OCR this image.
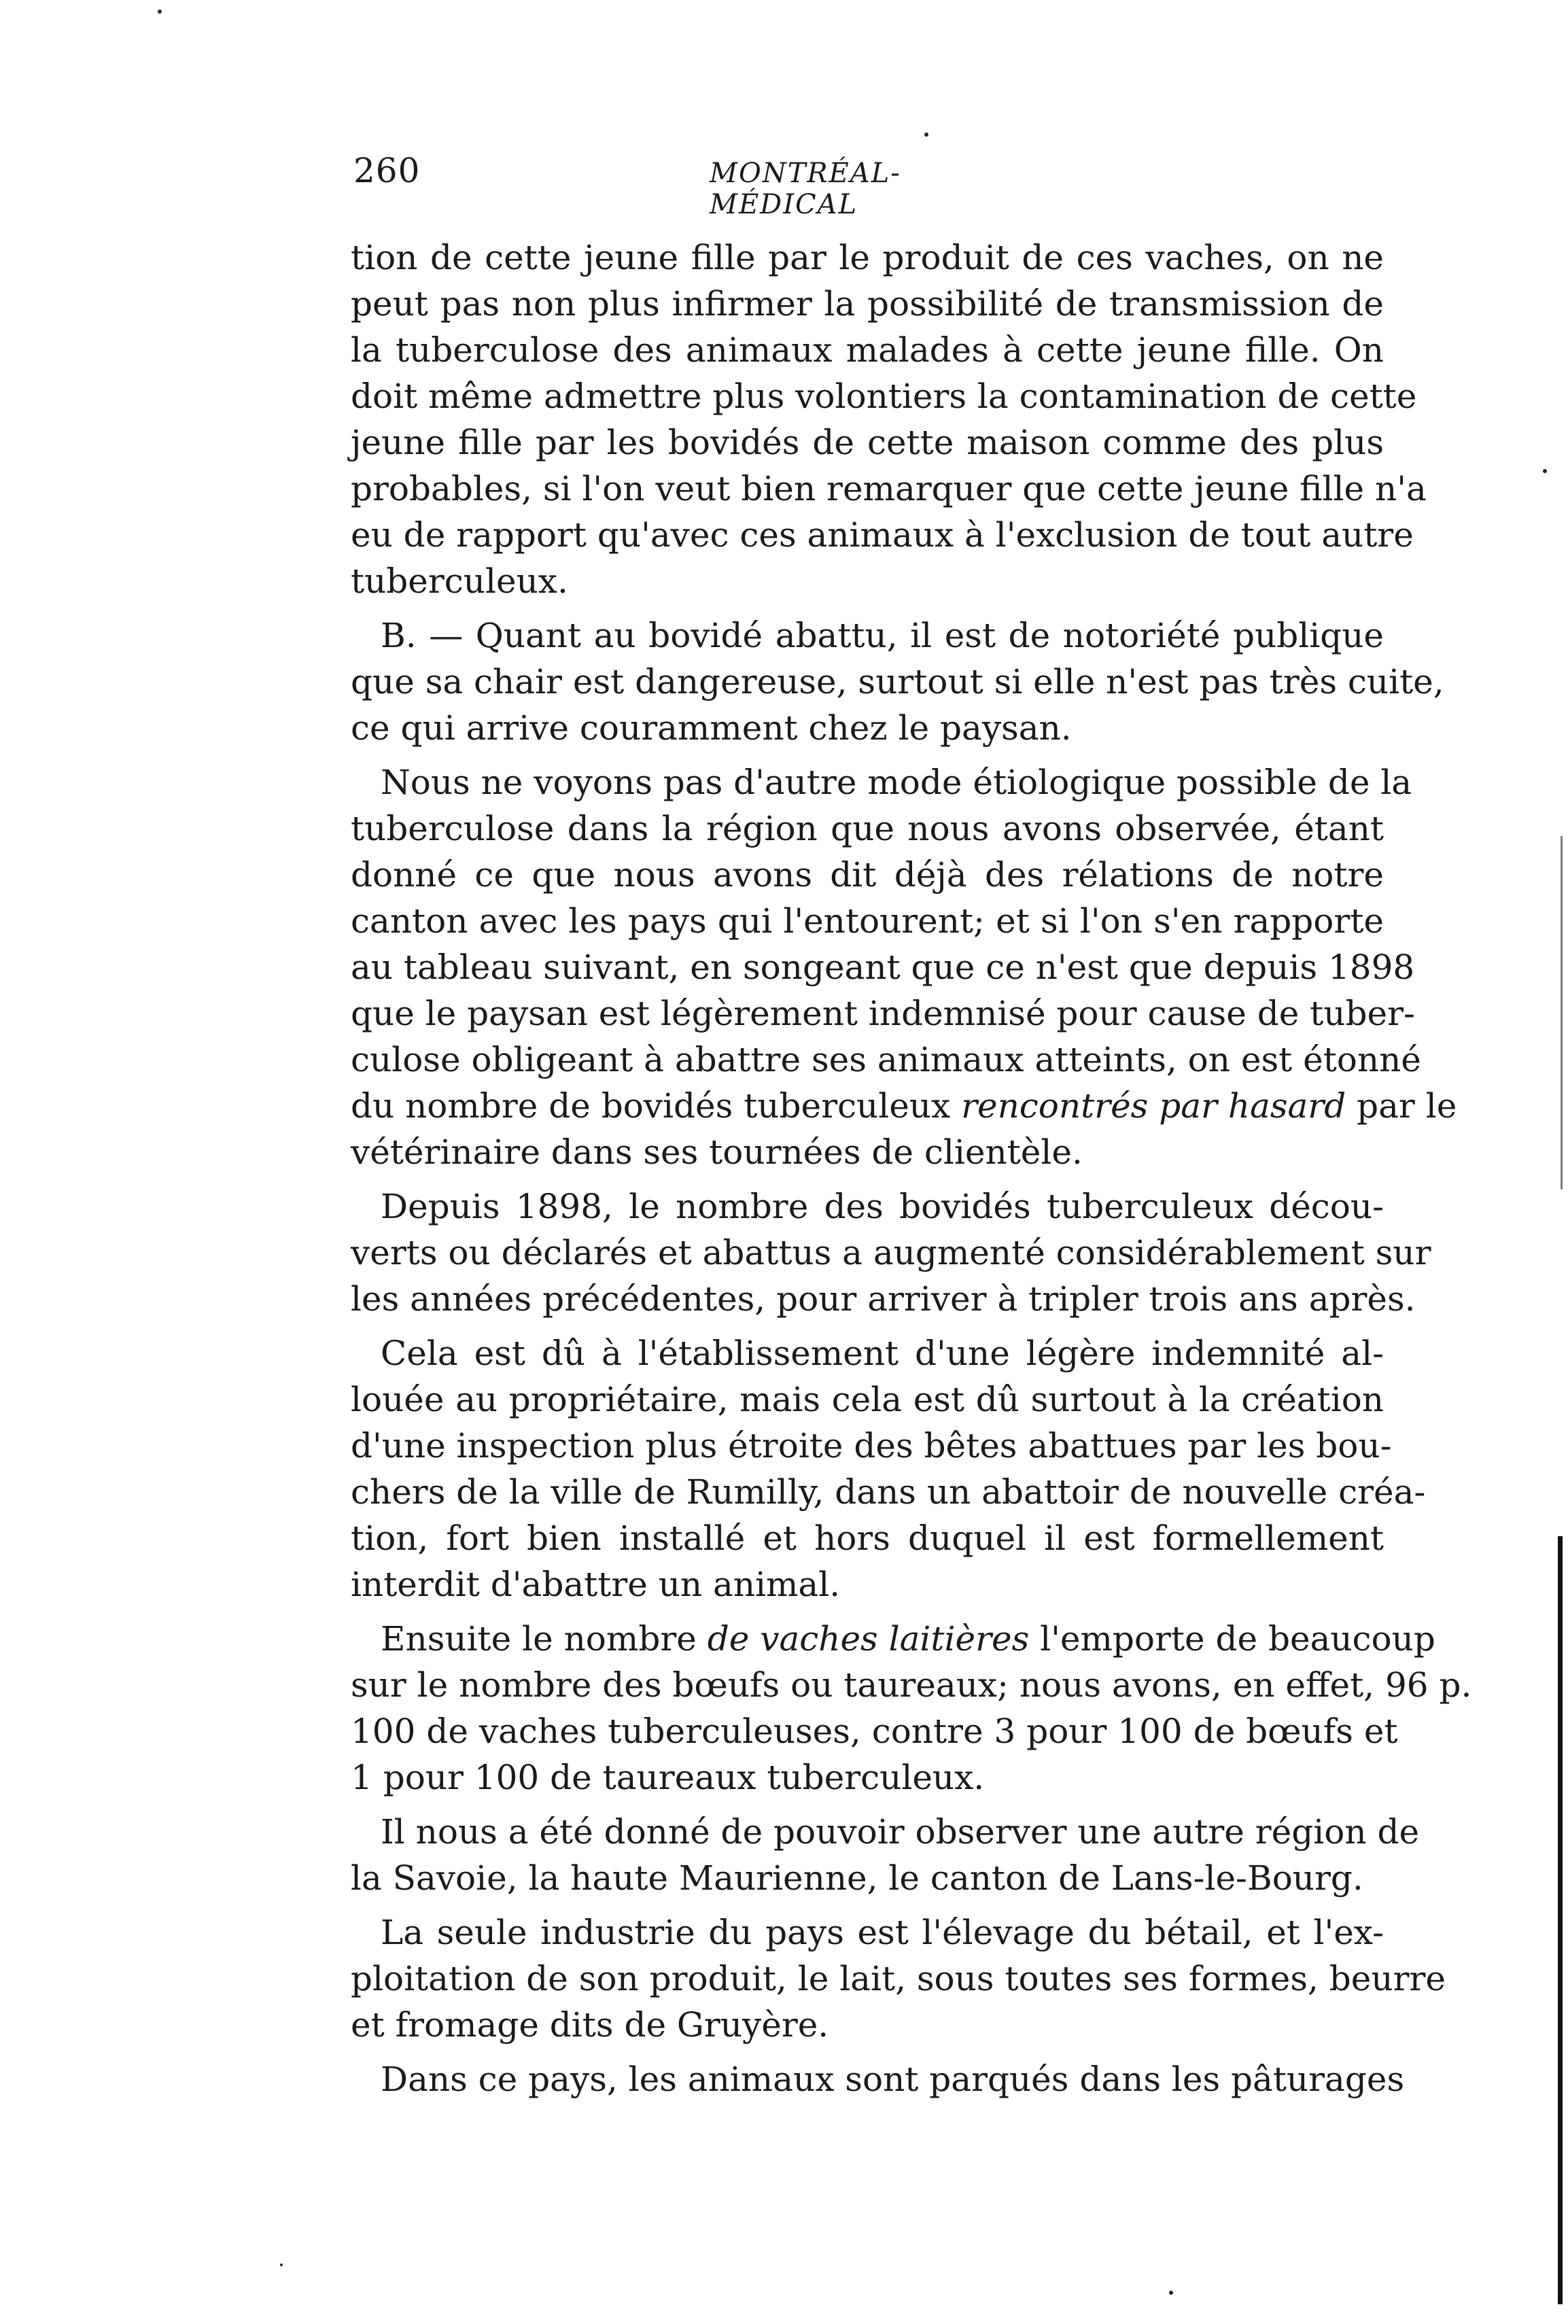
260	MONTRÉAL-MÉDICAL
tion de cette jeune fille par le produit de ces vaches, on ne
peut pas non plus infirmer la possibilité de transmission de
la tuberculose des animaux malades à cette jeune fille. On
doit même admettre plus volontiers la contamination de cette
jeune fille par les bovidés de cette maison comme des plus
probables, si l'on veut bien remarquer que cette jeune fille n'a
eu de rapport qu'avec ces animaux à l'exclusion de tout autre
tuberculeux.
B. — Quant au bovidé abattu, il est de notoriété publique
que sa chair est dangereuse, surtout si elle n'est pas très cuite,
ce qui arrive couramment chez le paysan.
Nous ne voyons pas d'autre mode étiologique possible de la
tuberculose dans la région que nous avons observée, étant
donné ce que nous avons dit déjà des rélations de notre
canton avec les pays qui l'entourent; et si l'on s'en rapporte
au tableau suivant, en songeant que ce n'est que depuis 1898
que le paysan est légèrement indemnisé pour cause de tuber-
culose obligeant à abattre ses animaux atteints, on est étonné
du nombre de bovidés tuberculeux rencontrés par hasard par le
vétérinaire dans ses tournées de clientèle.
Depuis 1898, le nombre des bovidés tuberculeux décou-
verts ou déclarés et abattus a augmenté considérablement sur
les années précédentes, pour arriver à tripler trois ans après.
Cela est dû à l'établissement d'une légère indemnité al-
louée au propriétaire, mais cela est dû surtout à la création
d'une inspection plus étroite des bêtes abattues par les bou-
chers de la ville de Rumilly, dans un abattoir de nouvelle créa-
tion, fort bien installé et hors duquel il est formellement
interdit d'abattre un animal.
Ensuite le nombre de vaches laitières l'emporte de beaucoup
sur le nombre des bœufs ou taureaux; nous avons, en effet, 96 p.
100 de vaches tuberculeuses, contre 3 pour 100 de bœufs et
1 pour 100 de taureaux tuberculeux.
Il nous a été donné de pouvoir observer une autre région de
la Savoie, la haute Maurienne, le canton de Lans-le-Bourg.
La seule industrie du pays est l'élevage du bétail, et l'ex-
ploitation de son produit, le lait, sous toutes ses formes, beurre
et fromage dits de Gruyère.
Dans ce pays, les animaux sont parqués dans les pâturages
